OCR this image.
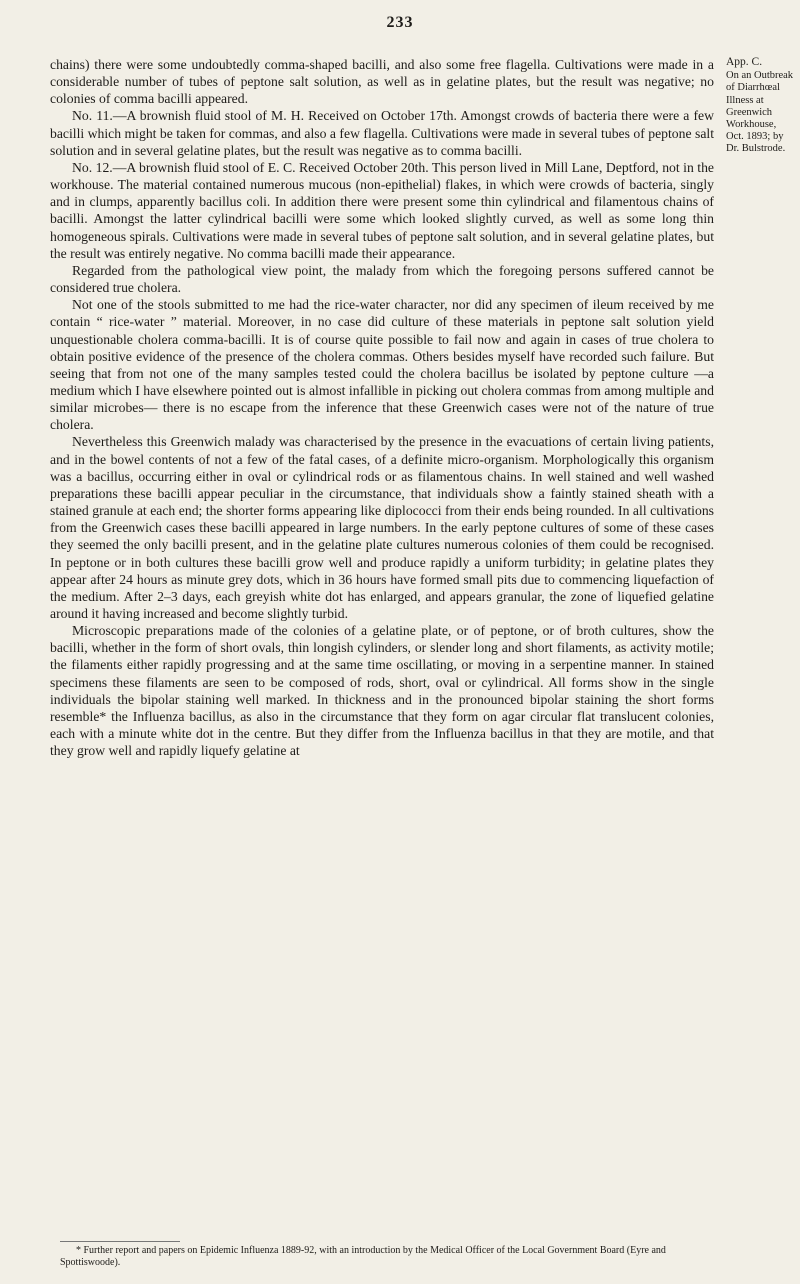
233

chains) there were some undoubtedly comma-shaped bacilli, and also some free flagella. Cultivations were made in a considerable number of tubes of peptone salt solution, as well as in gelatine plates, but the result was negative; no colonies of comma bacilli appeared.

No. 11.—A brownish fluid stool of M. H. Received on October 17th. Amongst crowds of bacteria there were a few bacilli which might be taken for commas, and also a few flagella. Cultivations were made in several tubes of peptone salt solution and in several gelatine plates, but the result was negative as to comma bacilli.

No. 12.—A brownish fluid stool of E. C. Received October 20th. This person lived in Mill Lane, Deptford, not in the workhouse. The material contained numerous mucous (non-epithelial) flakes, in which were crowds of bacteria, singly and in clumps, apparently bacillus coli. In addition there were present some thin cylindrical and filamentous chains of bacilli. Amongst the latter cylindrical bacilli were some which looked slightly curved, as well as some long thin homogeneous spirals. Cultivations were made in several tubes of peptone salt solution, and in several gelatine plates, but the result was entirely negative. No comma bacilli made their appearance.

Regarded from the pathological view point, the malady from which the foregoing persons suffered cannot be considered true cholera.

Not one of the stools submitted to me had the rice-water character, nor did any specimen of ileum received by me contain “ rice-water ” material. Moreover, in no case did culture of these materials in peptone salt solution yield unquestionable cholera comma-bacilli. It is of course quite possible to fail now and again in cases of true cholera to obtain positive evidence of the presence of the cholera commas. Others besides myself have recorded such failure. But seeing that from not one of the many samples tested could the cholera bacillus be isolated by peptone culture —a medium which I have elsewhere pointed out is almost infallible in picking out cholera commas from among multiple and similar microbes— there is no escape from the inference that these Greenwich cases were not of the nature of true cholera.

Nevertheless this Greenwich malady was characterised by the presence in the evacuations of certain living patients, and in the bowel contents of not a few of the fatal cases, of a definite micro-organism. Morphologically this organism was a bacillus, occurring either in oval or cylindrical rods or as filamentous chains. In well stained and well washed preparations these bacilli appear peculiar in the circumstance, that individuals show a faintly stained sheath with a stained granule at each end; the shorter forms appearing like diplococci from their ends being rounded. In all cultivations from the Greenwich cases these bacilli appeared in large numbers. In the early peptone cultures of some of these cases they seemed the only bacilli present, and in the gelatine plate cultures numerous colonies of them could be recognised. In peptone or in both cultures these bacilli grow well and produce rapidly a uniform turbidity; in gelatine plates they appear after 24 hours as minute grey dots, which in 36 hours have formed small pits due to commencing liquefaction of the medium. After 2–3 days, each greyish white dot has enlarged, and appears granular, the zone of liquefied gelatine around it having increased and become slightly turbid.

Microscopic preparations made of the colonies of a gelatine plate, or of peptone, or of broth cultures, show the bacilli, whether in the form of short ovals, thin longish cylinders, or slender long and short filaments, as activity motile; the filaments either rapidly progressing and at the same time oscillating, or moving in a serpentine manner. In stained specimens these filaments are seen to be composed of rods, short, oval or cylindrical. All forms show in the single individuals the bipolar staining well marked. In thickness and in the pronounced bipolar staining the short forms resemble* the Influenza bacillus, as also in the circumstance that they form on agar circular flat translucent colonies, each with a minute white dot in the centre. But they differ from the Influenza bacillus in that they are motile, and that they grow well and rapidly liquefy gelatine at

App. C.
On an Outbreak
of Diarrhœal
Illness at
Greenwich
Workhouse,
Oct. 1893; by
Dr. Bulstrode.
* Further report and papers on Epidemic Influenza 1889-92, with an introduction by the Medical Officer of the Local Government Board (Eyre and Spottiswoode).
